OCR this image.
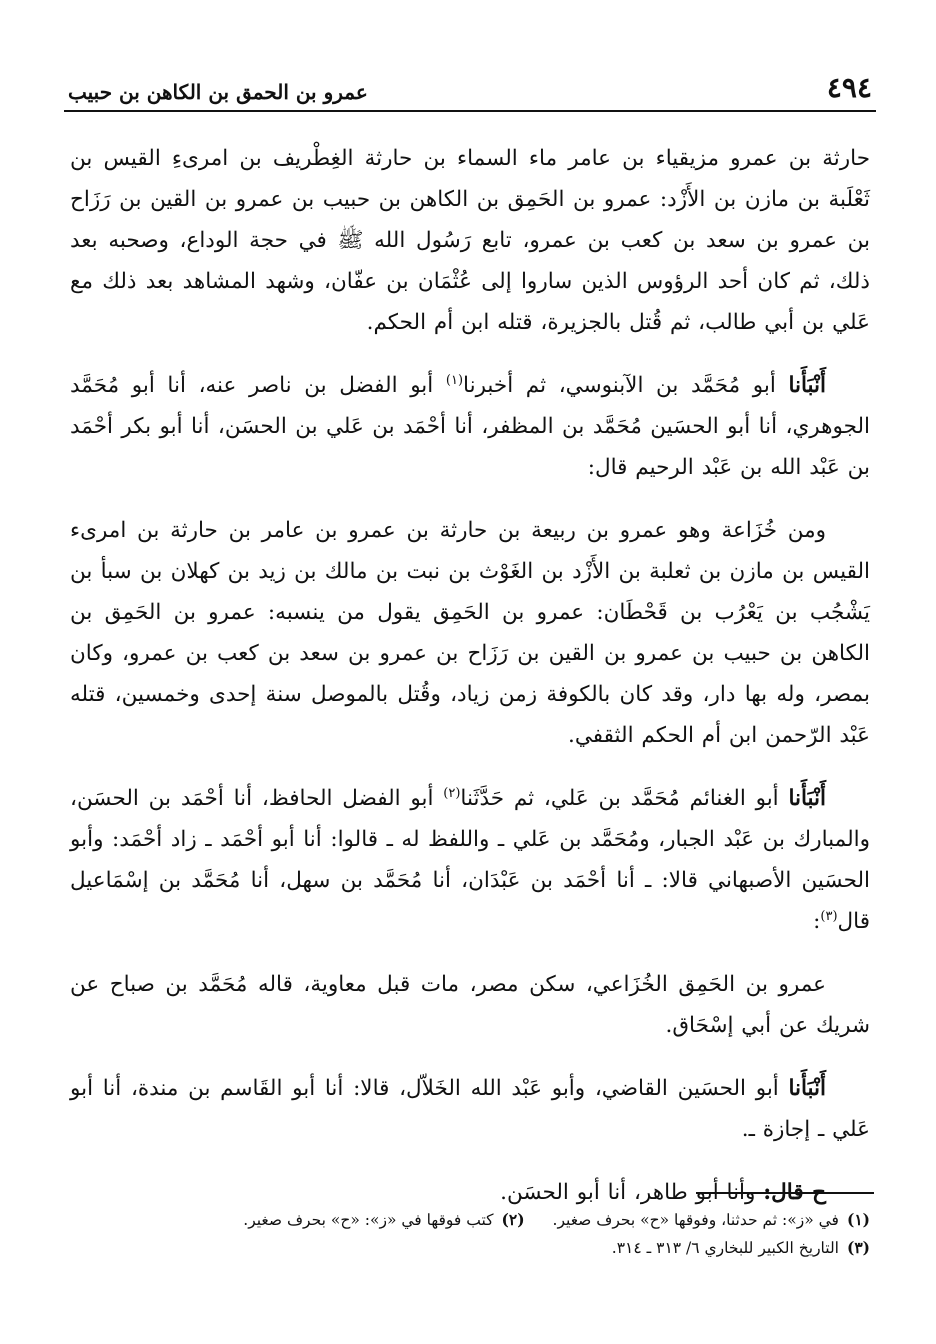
٤٩٤
عمرو بن الحمق بن الكاهن بن حبيب

حارثة بن عمرو مزيقياء بن عامر ماء السماء بن حارثة الغِطْريف بن امرىءِ القيس بن ثَعْلَبة بن مازن بن الأَزْد: عمرو بن الحَمِق بن الكاهن بن حبيب بن عمرو بن القين بن رَزَاح بن عمرو بن سعد بن كعب بن عمرو، تابع رَسُول الله ﷺ في حجة الوداع، وصحبه بعد ذلك، ثم كان أحد الرؤوس الذين ساروا إلى عُثْمَان بن عفّان، وشهد المشاهد بعد ذلك مع عَلي بن أبي طالب، ثم قُتل بالجزيرة، قتله ابن أم الحكم.

أَنْبَأَنا أبو مُحَمَّد بن الآبنوسي، ثم أخبرنا$^{(١)}$ أبو الفضل بن ناصر عنه، أنا أبو مُحَمَّد الجوهري، أنا أبو الحسَين مُحَمَّد بن المظفر، أنا أحْمَد بن عَلي بن الحسَن، أنا أبو بكر أحْمَد بن عَبْد الله بن عَبْد الرحيم قال:

ومن خُزَاعة وهو عمرو بن ربيعة بن حارثة بن عمرو بن عامر بن حارثة بن امرىء القيس بن مازن بن ثعلبة بن الأَزْد بن الغَوْث بن نبت بن مالك بن زيد بن كهلان بن سبأ بن يَشْجُب بن يَعْرُب بن قَحْطَان: عمرو بن الحَمِق يقول من ينسبه: عمرو بن الحَمِق بن الكاهن بن حبيب بن عمرو بن القين بن رَزَاح بن عمرو بن سعد بن كعب بن عمرو، وكان بمصر، وله بها دار، وقد كان بالكوفة زمن زياد، وقُتل بالموصل سنة إحدى وخمسين، قتله عَبْد الرّحمن ابن أم الحكم الثقفي.

أَنْبَأَنا أبو الغنائم مُحَمَّد بن عَلي، ثم حَدَّثَنا$^{(٢)}$ أبو الفضل الحافظ، أنا أحْمَد بن الحسَن، والمبارك بن عَبْد الجبار، ومُحَمَّد بن عَلي ـ واللفظ له ـ قالوا: أنا أبو أحْمَد ـ زاد أحْمَد: وأبو الحسَين الأصبهاني قالا: ـ أنا أحْمَد بن عَبْدَان، أنا مُحَمَّد بن سهل، أنا مُحَمَّد بن إسْمَاعيل قال$^{(٣)}$:

عمرو بن الحَمِق الخُزَاعي، سكن مصر، مات قبل معاوية، قاله مُحَمَّد بن صباح عن شريك عن أبي إسْحَاق.

أَنْبَأَنا أبو الحسَين القاضي، وأبو عَبْد الله الخَلاّل، قالا: أنا أبو القَاسم بن مندة، أنا أبو عَلي ـ إجازة ـ.

ح قال: وأنا أبو طاهر، أنا أبو الحسَن.

(١)في «ز»: ثم حدثنا، وفوقها «ح» بحرف صغير.
(٢)كتب فوقها في «ز»: «ح» بحرف صغير.
(٣)التاريخ الكبير للبخاري ٦/ ٣١٣ ـ ٣١٤.
